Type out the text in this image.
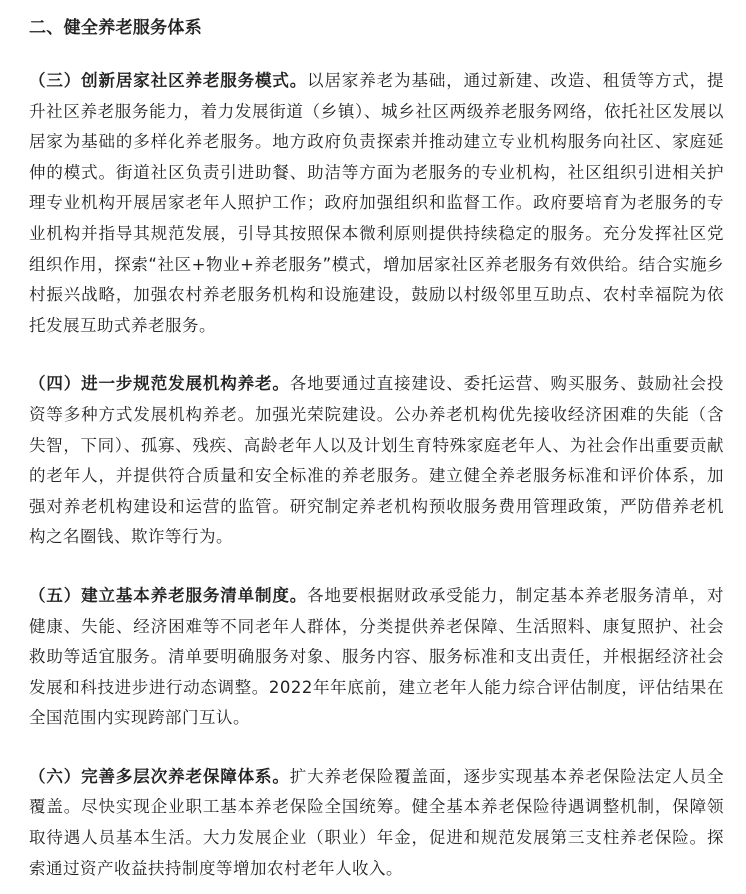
二、健全养老服务体系

（三）创新居家社区养老服务模式。以居家养老为基础，通过新建、改造、租赁等方式，提升社区养老服务能力，着力发展街道（乡镇）、城乡社区两级养老服务网络，依托社区发展以居家为基础的多样化养老服务。地方政府负责探索并推动建立专业机构服务向社区、家庭延伸的模式。街道社区负责引进助餐、助洁等方面为老服务的专业机构，社区组织引进相关护理专业机构开展居家老年人照护工作；政府加强组织和监督工作。政府要培育为老服务的专业机构并指导其规范发展，引导其按照保本微利原则提供持续稳定的服务。充分发挥社区党组织作用，探索“社区+物业+养老服务”模式，增加居家社区养老服务有效供给。结合实施乡村振兴战略，加强农村养老服务机构和设施建设，鼓励以村级邻里互助点、农村幸福院为依托发展互助式养老服务。

（四）进一步规范发展机构养老。各地要通过直接建设、委托运营、购买服务、鼓励社会投资等多种方式发展机构养老。加强光荣院建设。公办养老机构优先接收经济困难的失能（含失智，下同）、孤寡、残疾、高龄老年人以及计划生育特殊家庭老年人、为社会作出重要贡献的老年人，并提供符合质量和安全标准的养老服务。建立健全养老服务标准和评价体系，加强对养老机构建设和运营的监管。研究制定养老机构预收服务费用管理政策，严防借养老机构之名圈钱、欺诈等行为。

（五）建立基本养老服务清单制度。各地要根据财政承受能力，制定基本养老服务清单，对健康、失能、经济困难等不同老年人群体，分类提供养老保障、生活照料、康复照护、社会救助等适宜服务。清单要明确服务对象、服务内容、服务标准和支出责任，并根据经济社会发展和科技进步进行动态调整。2022年年底前，建立老年人能力综合评估制度，评估结果在全国范围内实现跨部门互认。

（六）完善多层次养老保障体系。扩大养老保险覆盖面，逐步实现基本养老保险法定人员全覆盖。尽快实现企业职工基本养老保险全国统筹。健全基本养老保险待遇调整机制，保障领取待遇人员基本生活。大力发展企业（职业）年金，促进和规范发展第三支柱养老保险。探索通过资产收益扶持制度等增加农村老年人收入。
